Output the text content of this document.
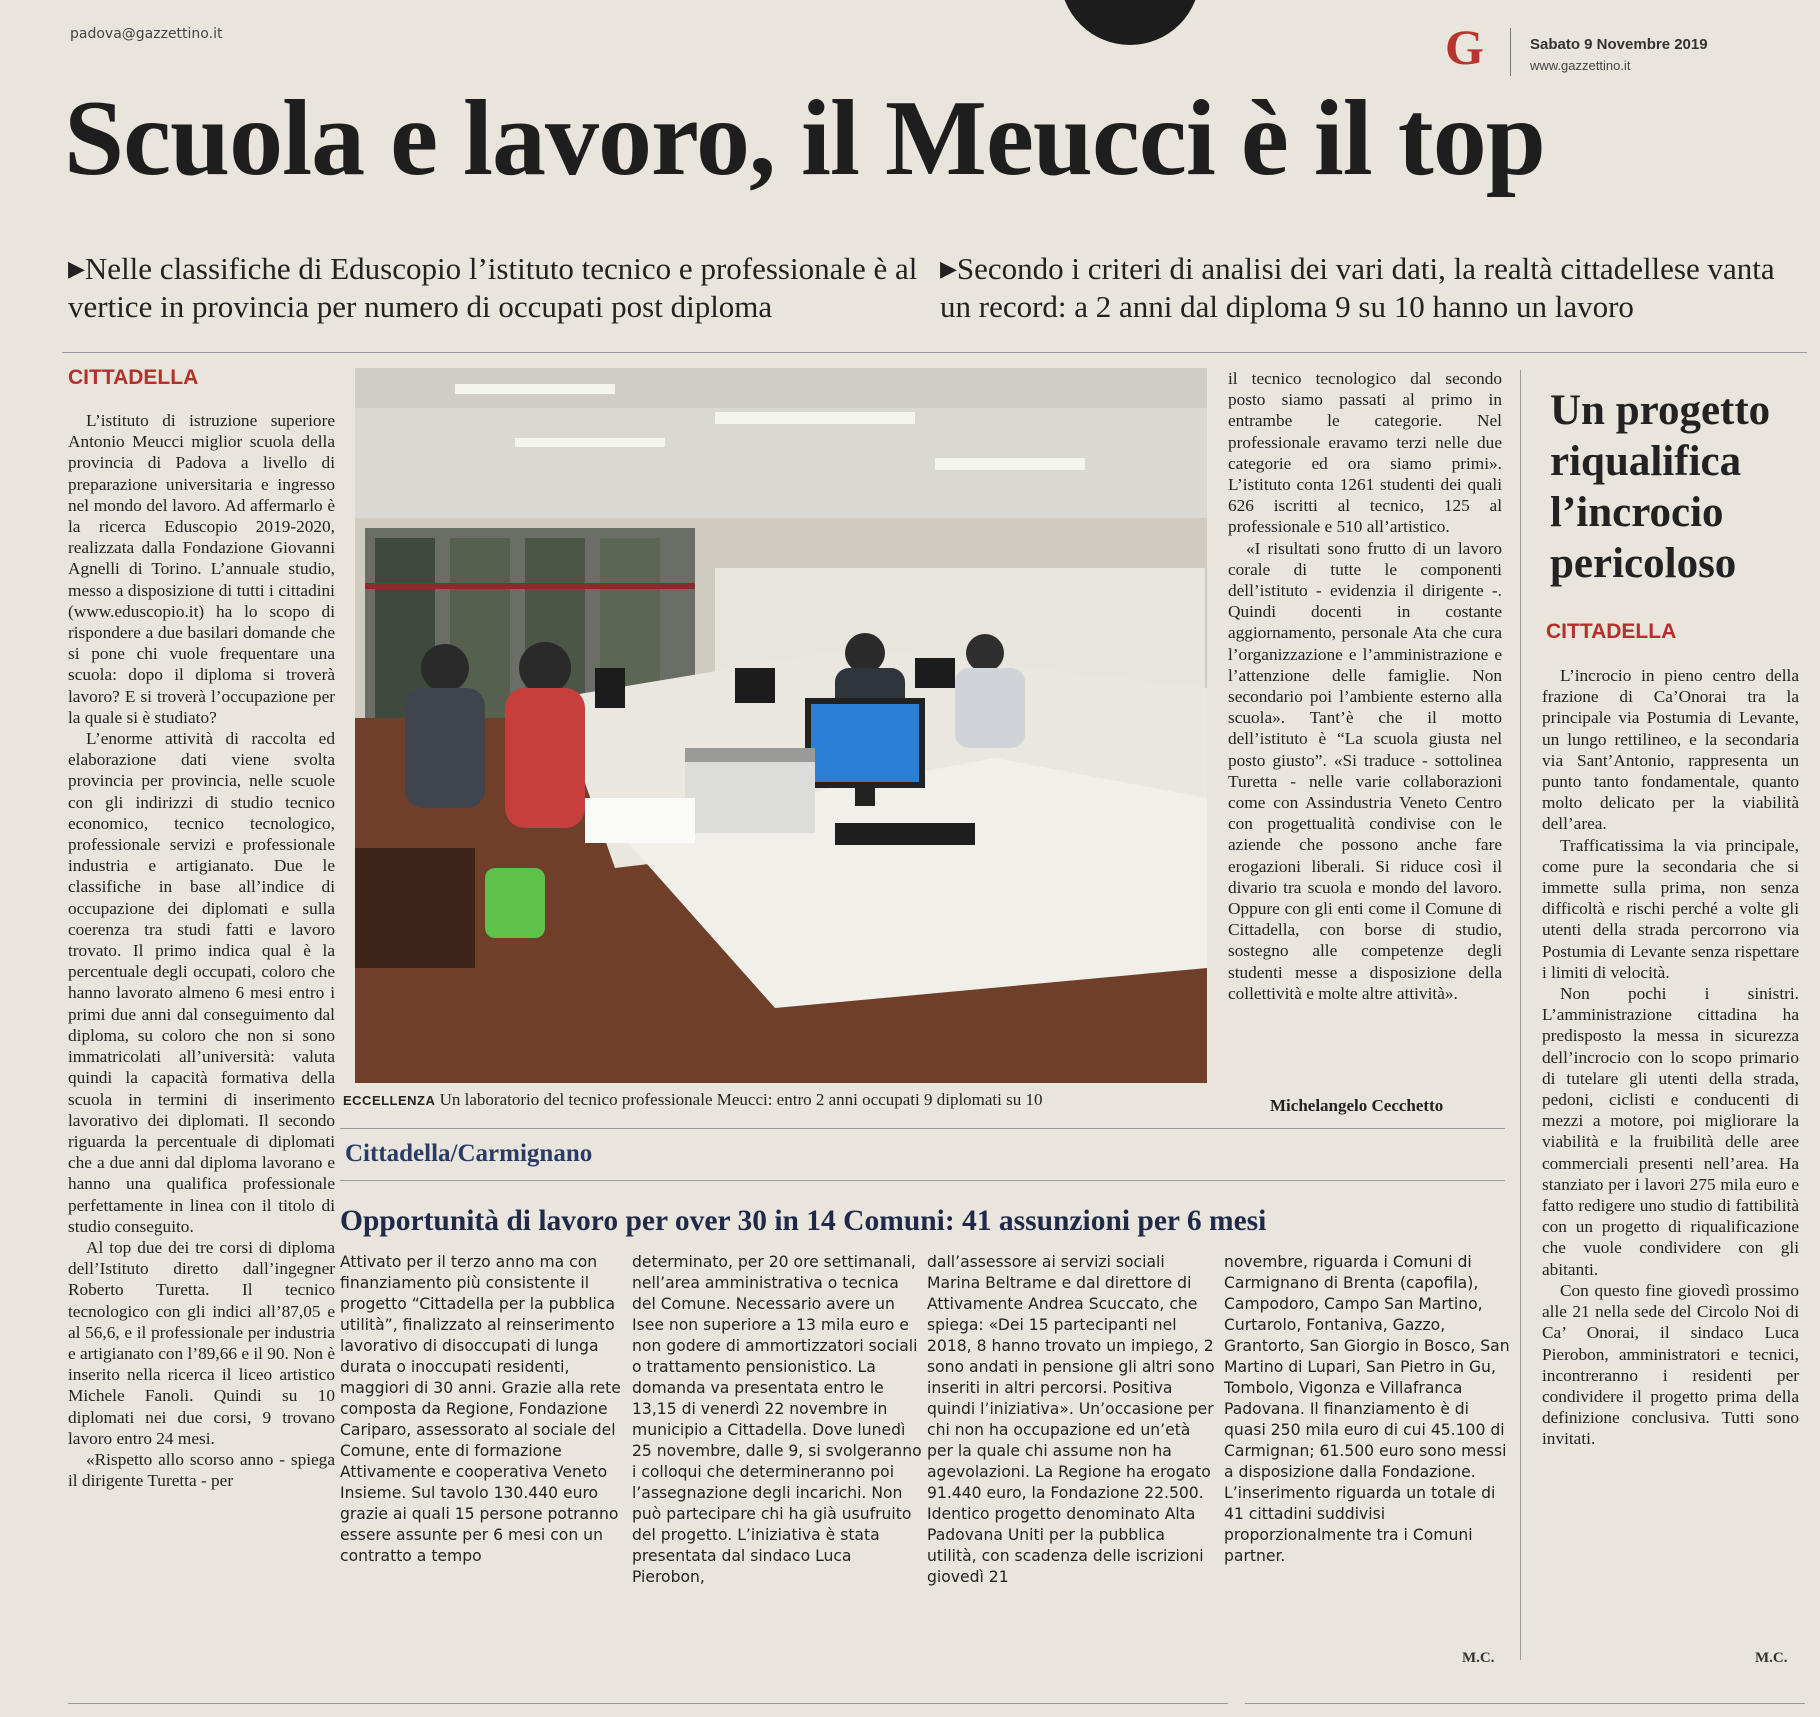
padova@gazzettino.it	G	Sabato 9 Novembre 2019
www.gazzettino.it
Scuola e lavoro, il Meucci è il top
▶Nelle classifiche di Eduscopio l’istituto tecnico e professionale è al vertice in provincia per numero di occupati post diploma
▶Secondo i criteri di analisi dei vari dati, la realtà cittadellese vanta un record: a 2 anni dal diploma 9 su 10 hanno un lavoro
CITTADELLA

L’istituto di istruzione superiore Antonio Meucci miglior scuola della provincia di Padova a livello di preparazione universitaria e ingresso nel mondo del lavoro. Ad affermarlo è la ricerca Eduscopio 2019-2020, realizzata dalla Fondazione Giovanni Agnelli di Torino. L’annuale studio, messo a disposizione di tutti i cittadini (www.eduscopio.it) ha lo scopo di rispondere a due basilari domande che si pone chi vuole frequentare una scuola: dopo il diploma si troverà lavoro? E si troverà l’occupazione per la quale si è studiato?

L’enorme attività di raccolta ed elaborazione dati viene svolta provincia per provincia, nelle scuole con gli indirizzi di studio tecnico economico, tecnico tecnologico, professionale servizi e professionale industria e artigianato. Due le classifiche in base all’indice di occupazione dei diplomati e sulla coerenza tra studi fatti e lavoro trovato. Il primo indica qual è la percentuale degli occupati, coloro che hanno lavorato almeno 6 mesi entro i primi due anni dal conseguimento dal diploma, su coloro che non si sono immatricolati all’università: valuta quindi la capacità formativa della scuola in termini di inserimento lavorativo dei diplomati. Il secondo riguarda la percentuale di diplomati che a due anni dal diploma lavorano e hanno una qualifica professionale perfettamente in linea con il titolo di studio conseguito.

Al top due dei tre corsi di diploma dell’Istituto diretto dall’ingegner Roberto Turetta. Il tecnico tecnologico con gli indici all’87,05 e al 56,6, e il professionale per industria e artigianato con l’89,66 e il 90. Non è inserito nella ricerca il liceo artistico Michele Fanoli. Quindi su 10 diplomati nei due corsi, 9 trovano lavoro entro 24 mesi.

«Rispetto allo scorso anno - spiega il dirigente Turetta - per

ECCELLENZA Un laboratorio del tecnico professionale Meucci: entro 2 anni occupati 9 diplomati su 10

il tecnico tecnologico dal secondo posto siamo passati al primo in entrambe le categorie. Nel professionale eravamo terzi nelle due categorie ed ora siamo primi». L’istituto conta 1261 studenti dei quali 626 iscritti al tecnico, 125 al professionale e 510 all’artistico.

«I risultati sono frutto di un lavoro corale di tutte le componenti dell’istituto - evidenzia il dirigente -. Quindi docenti in costante aggiornamento, personale Ata che cura l’organizzazione e l’amministrazione e l’attenzione delle famiglie. Non secondario poi l’ambiente esterno alla scuola». Tant’è che il motto dell’istituto è “La scuola giusta nel posto giusto”. «Si traduce - sottolinea Turetta - nelle varie collaborazioni come con Assindustria Veneto Centro con progettualità condivise con le aziende che possono anche fare erogazioni liberali. Si riduce così il divario tra scuola e mondo del lavoro. Oppure con gli enti come il Comune di Cittadella, con borse di studio, sostegno alle competenze degli studenti messe a disposizione della collettività e molte altre attività».

Michelangelo Cecchetto
Cittadella/Carmignano
Opportunità di lavoro per over 30 in 14 Comuni: 41 assunzioni per 6 mesi
Attivato per il terzo anno ma con finanziamento più consistente il progetto “Cittadella per la pubblica utilità”, finalizzato al reinserimento lavorativo di disoccupati di lunga durata o inoccupati residenti, maggiori di 30 anni. Grazie alla rete composta da Regione, Fondazione Cariparo, assessorato al sociale del Comune, ente di formazione Attivamente e cooperativa Veneto Insieme. Sul tavolo 130.440 euro grazie ai quali 15 persone potranno essere assunte per 6 mesi con un contratto a tempo
determinato, per 20 ore settimanali, nell’area amministrativa o tecnica del Comune. Necessario avere un Isee non superiore a 13 mila euro e non godere di ammortizzatori sociali o trattamento pensionistico. La domanda va presentata entro le 13,15 di venerdì 22 novembre in municipio a Cittadella. Dove lunedì 25 novembre, dalle 9, si svolgeranno i colloqui che determineranno poi l’assegnazione degli incarichi. Non può partecipare chi ha già usufruito del progetto. L’iniziativa è stata presentata dal sindaco Luca Pierobon,
dall’assessore ai servizi sociali Marina Beltrame e dal direttore di Attivamente Andrea Scuccato, che spiega: «Dei 15 partecipanti nel 2018, 8 hanno trovato un impiego, 2 sono andati in pensione gli altri sono inseriti in altri percorsi. Positiva quindi l’iniziativa». Un’occasione per chi non ha occupazione ed un’età per la quale chi assume non ha agevolazioni. La Regione ha erogato 91.440 euro, la Fondazione 22.500. Identico progetto denominato Alta Padovana Uniti per la pubblica utilità, con scadenza delle iscrizioni giovedì 21
novembre, riguarda i Comuni di Carmignano di Brenta (capofila), Campodoro, Campo San Martino, Curtarolo, Fontaniva, Gazzo, Grantorto, San Giorgio in Bosco, San Martino di Lupari, San Pietro in Gu, Tombolo, Vigonza e Villafranca Padovana. Il finanziamento è di quasi 250 mila euro di cui 45.100 di Carmignan; 61.500 euro sono messi a disposizione dalla Fondazione. L’inserimento riguarda un totale di 41 cittadini suddivisi proporzionalmente tra i Comuni partner.
M.C.
Un progetto riqualifica l’incrocio pericoloso
CITTADELLA

L’incrocio in pieno centro della frazione di Ca’Onorai tra la principale via Postumia di Levante, un lungo rettilineo, e la secondaria via Sant’Antonio, rappresenta un punto tanto fondamentale, quanto molto delicato per la viabilità dell’area.

Trafficatissima la via principale, come pure la secondaria che si immette sulla prima, non senza difficoltà e rischi perché a volte gli utenti della strada percorrono via Postumia di Levante senza rispettare i limiti di velocità.

Non pochi i sinistri. L’amministrazione cittadina ha predisposto la messa in sicurezza dell’incrocio con lo scopo primario di tutelare gli utenti della strada, pedoni, ciclisti e conducenti di mezzi a motore, poi migliorare la viabilità e la fruibilità delle aree commerciali presenti nell’area. Ha stanziato per i lavori 275 mila euro e fatto redigere uno studio di fattibilità con un progetto di riqualificazione che vuole condividere con gli abitanti.

Con questo fine giovedì prossimo alle 21 nella sede del Circolo Noi di Ca’ Onorai, il sindaco Luca Pierobon, amministratori e tecnici, incontreranno i residenti per condividere il progetto prima della definizione conclusiva. Tutti sono invitati.

M.C.
